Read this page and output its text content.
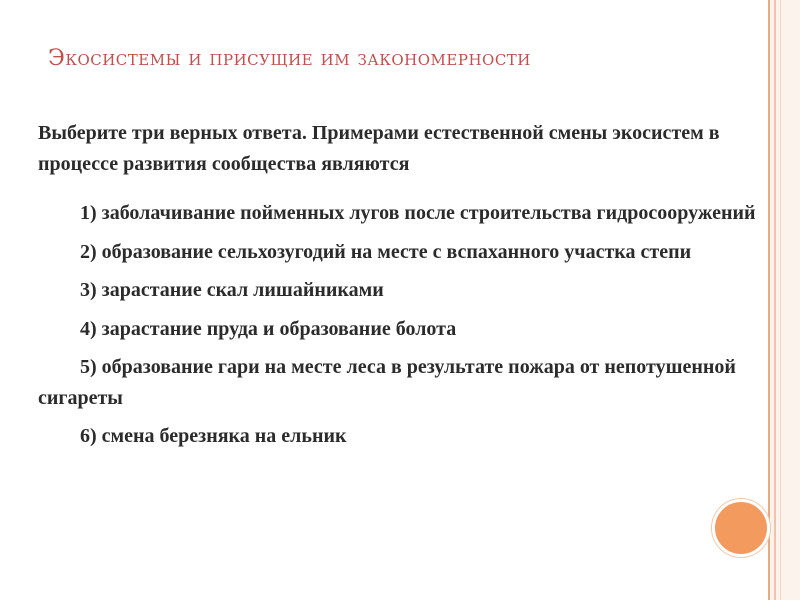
Экосистемы и присущие им закономерности
Выберите три верных ответа. Примерами естественной смены экосистем в процессе развития сообщества являются
1) заболачивание пойменных лугов после строительства гидросооружений
2) образование сельхозугодий на месте с вспаханного участка степи
3) зарастание скал лишайниками
4) зарастание пруда и образование болота
5) образование гари на месте леса в результате пожара от непотушенной сигареты
6) смена березняка на ельник
